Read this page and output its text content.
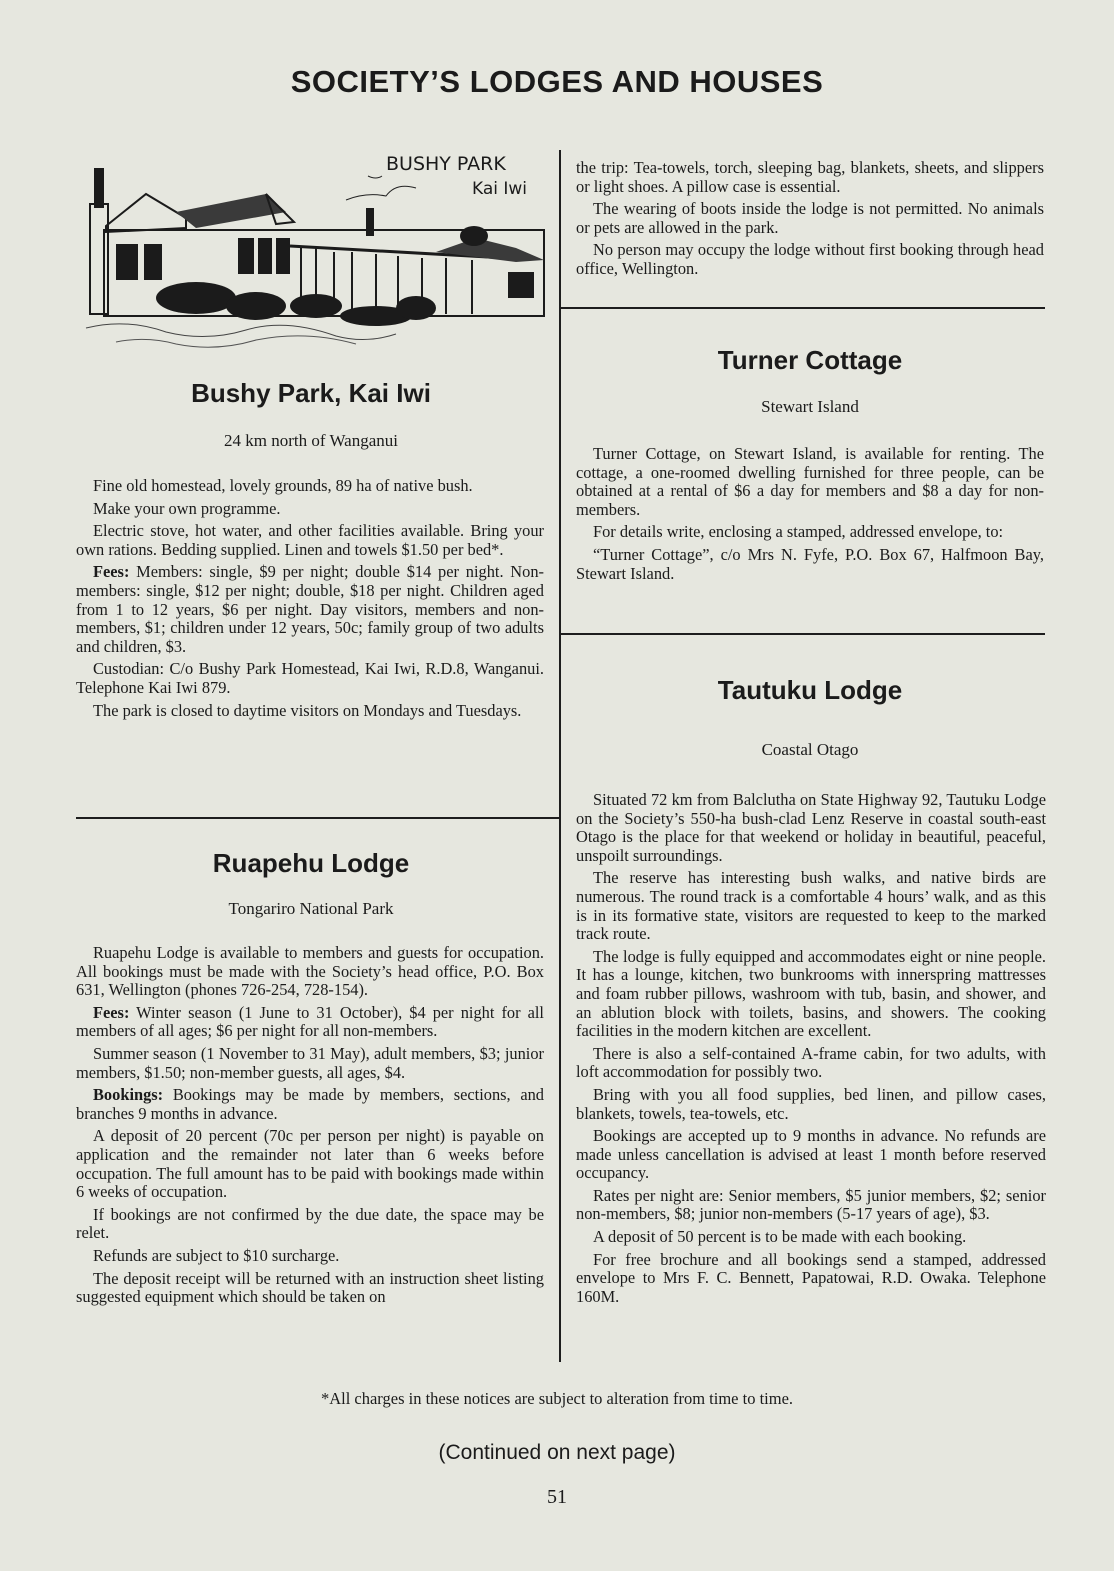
SOCIETY’S LODGES AND HOUSES
BUSHY PARK
Kai Iwi
Bushy Park, Kai Iwi

24 km north of Wanganui

Fine old homestead, lovely grounds, 89 ha of native bush.

Make your own programme.

Electric stove, hot water, and other facilities available. Bring your own rations. Bedding supplied. Linen and towels $1.50 per bed*.

Fees: Members: single, $9 per night; double $14 per night. Non-members: single, $12 per night; double, $18 per night. Children aged from 1 to 12 years, $6 per night. Day visitors, members and non-members, $1; children under 12 years, 50c; family group of two adults and children, $3.

Custodian: C/o Bushy Park Homestead, Kai Iwi, R.D.8, Wanganui. Telephone Kai Iwi 879.

The park is closed to daytime visitors on Mondays and Tuesdays.

Ruapehu Lodge

Tongariro National Park

Ruapehu Lodge is available to members and guests for occupation. All bookings must be made with the Society’s head office, P.O. Box 631, Wellington (phones 726-254, 728-154).

Fees: Winter season (1 June to 31 October), $4 per night for all members of all ages; $6 per night for all non-members.

Summer season (1 November to 31 May), adult members, $3; junior members, $1.50; non-member guests, all ages, $4.

Bookings: Bookings may be made by members, sections, and branches 9 months in advance.

A deposit of 20 percent (70c per person per night) is payable on application and the remainder not later than 6 weeks before occupation. The full amount has to be paid with bookings made within 6 weeks of occupation.

If bookings are not confirmed by the due date, the space may be relet.

Refunds are subject to $10 surcharge.

The deposit receipt will be returned with an instruction sheet listing suggested equipment which should be taken on

the trip: Tea-towels, torch, sleeping bag, blankets, sheets, and slippers or light shoes. A pillow case is essential.

The wearing of boots inside the lodge is not permitted. No animals or pets are allowed in the park.

No person may occupy the lodge without first booking through head office, Wellington.

Turner Cottage

Stewart Island

Turner Cottage, on Stewart Island, is available for renting. The cottage, a one-roomed dwelling furnished for three people, can be obtained at a rental of $6 a day for members and $8 a day for non-members.

For details write, enclosing a stamped, addressed envelope, to:

“Turner Cottage”, c/o Mrs N. Fyfe, P.O. Box 67, Halfmoon Bay, Stewart Island.

Tautuku Lodge

Coastal Otago

Situated 72 km from Balclutha on State Highway 92, Tautuku Lodge on the Society’s 550-ha bush-clad Lenz Reserve in coastal south-east Otago is the place for that weekend or holiday in beautiful, peaceful, unspoilt surroundings.

The reserve has interesting bush walks, and native birds are numerous. The round track is a comfortable 4 hours’ walk, and as this is in its formative state, visitors are requested to keep to the marked track route.

The lodge is fully equipped and accommodates eight or nine people. It has a lounge, kitchen, two bunkrooms with innerspring mattresses and foam rubber pillows, washroom with tub, basin, and shower, and an ablution block with toilets, basins, and showers. The cooking facilities in the modern kitchen are excellent.

There is also a self-contained A-frame cabin, for two adults, with loft accommodation for possibly two.

Bring with you all food supplies, bed linen, and pillow cases, blankets, towels, tea-towels, etc.

Bookings are accepted up to 9 months in advance. No refunds are made unless cancellation is advised at least 1 month before reserved occupancy.

Rates per night are: Senior members, $5 junior members, $2; senior non-members, $8; junior non-members (5-17 years of age), $3.

A deposit of 50 percent is to be made with each booking.

For free brochure and all bookings send a stamped, addressed envelope to Mrs F. C. Bennett, Papatowai, R.D. Owaka. Telephone 160M.

*All charges in these notices are subject to alteration from time to time.
(Continued on next page)
51
